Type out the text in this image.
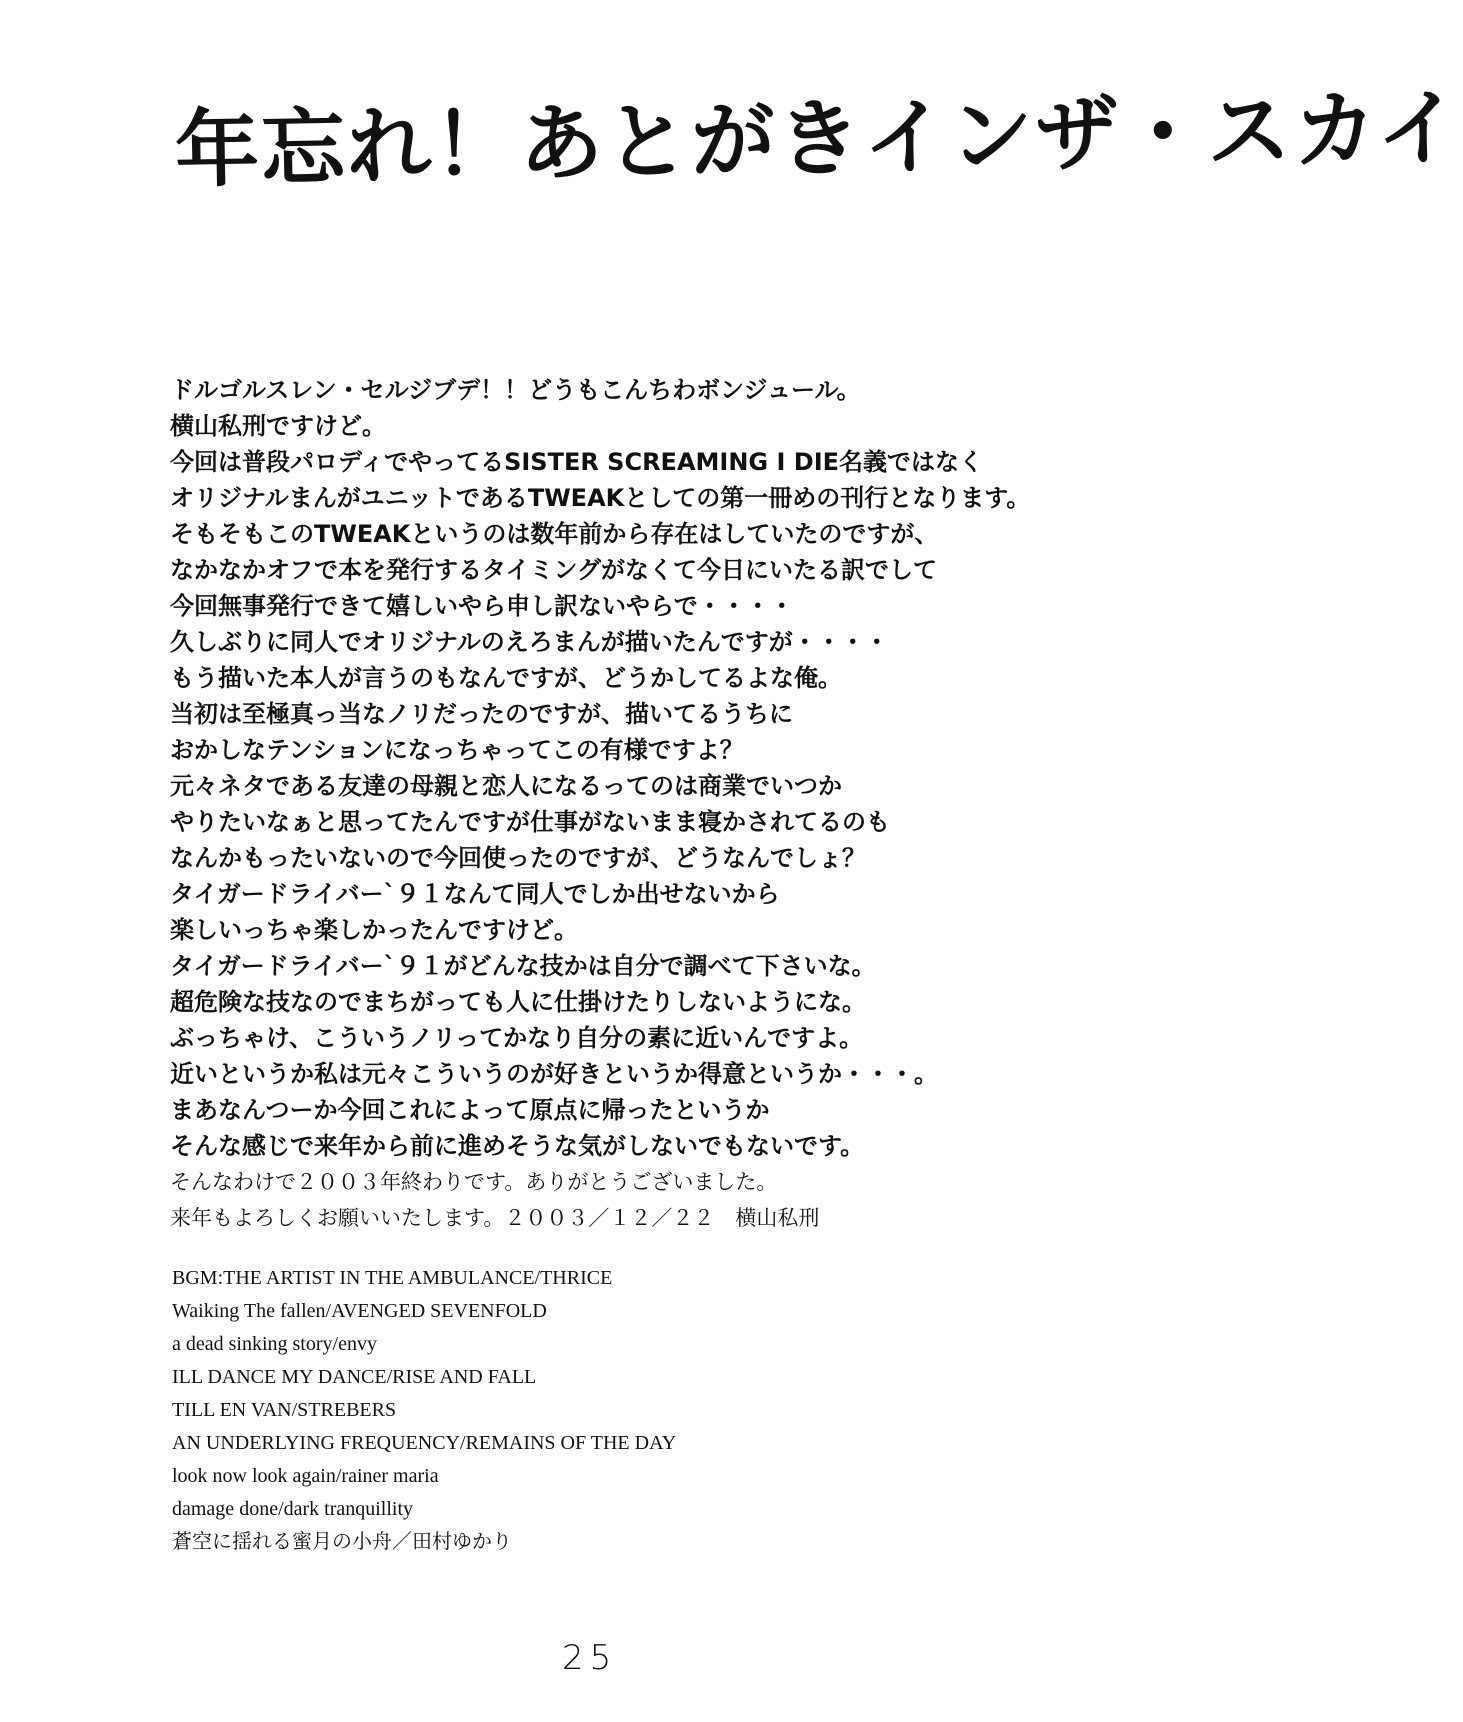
年忘れ！あとがきインザ・スカイ
ドルゴルスレン・セルジブデ！！どうもこんちわボンジュール。
横山私刑ですけど。
今回は普段パロディでやってるSISTER SCREAMING I DIE名義ではなく
オリジナルまんがユニットであるTWEAKとしての第一冊めの刊行となります。
そもそもこのTWEAKというのは数年前から存在はしていたのですが、
なかなかオフで本を発行するタイミングがなくて今日にいたる訳でして
今回無事発行できて嬉しいやら申し訳ないやらで・・・・
久しぶりに同人でオリジナルのえろまんが描いたんですが・・・・
もう描いた本人が言うのもなんですが、どうかしてるよな俺。
当初は至極真っ当なノリだったのですが、描いてるうちに
おかしなテンションになっちゃってこの有様ですよ？
元々ネタである友達の母親と恋人になるってのは商業でいつか
やりたいなぁと思ってたんですが仕事がないまま寝かされてるのも
なんかもったいないので今回使ったのですが、どうなんでしょ？
タイガードライバー`９１なんて同人でしか出せないから
楽しいっちゃ楽しかったんですけど。
タイガードライバー`９１がどんな技かは自分で調べて下さいな。
超危険な技なのでまちがっても人に仕掛けたりしないようにな。
ぶっちゃけ、こういうノリってかなり自分の素に近いんですよ。
近いというか私は元々こういうのが好きというか得意というか・・・。
まあなんつーか今回これによって原点に帰ったというか
そんな感じで来年から前に進めそうな気がしないでもないです。
そんなわけで２００３年終わりです。ありがとうございました。
来年もよろしくお願いいたします。２００３／１２／２２　横山私刑
BGM:THE ARTIST IN THE AMBULANCE/THRICE
Waiking The fallen/AVENGED SEVENFOLD
a dead sinking story/envy
ILL DANCE MY DANCE/RISE AND FALL
TILL EN VAN/STREBERS
AN UNDERLYING FREQUENCY/REMAINS OF THE DAY
look now look again/rainer maria
damage done/dark tranquillity
蒼空に揺れる蜜月の小舟／田村ゆかり
25
